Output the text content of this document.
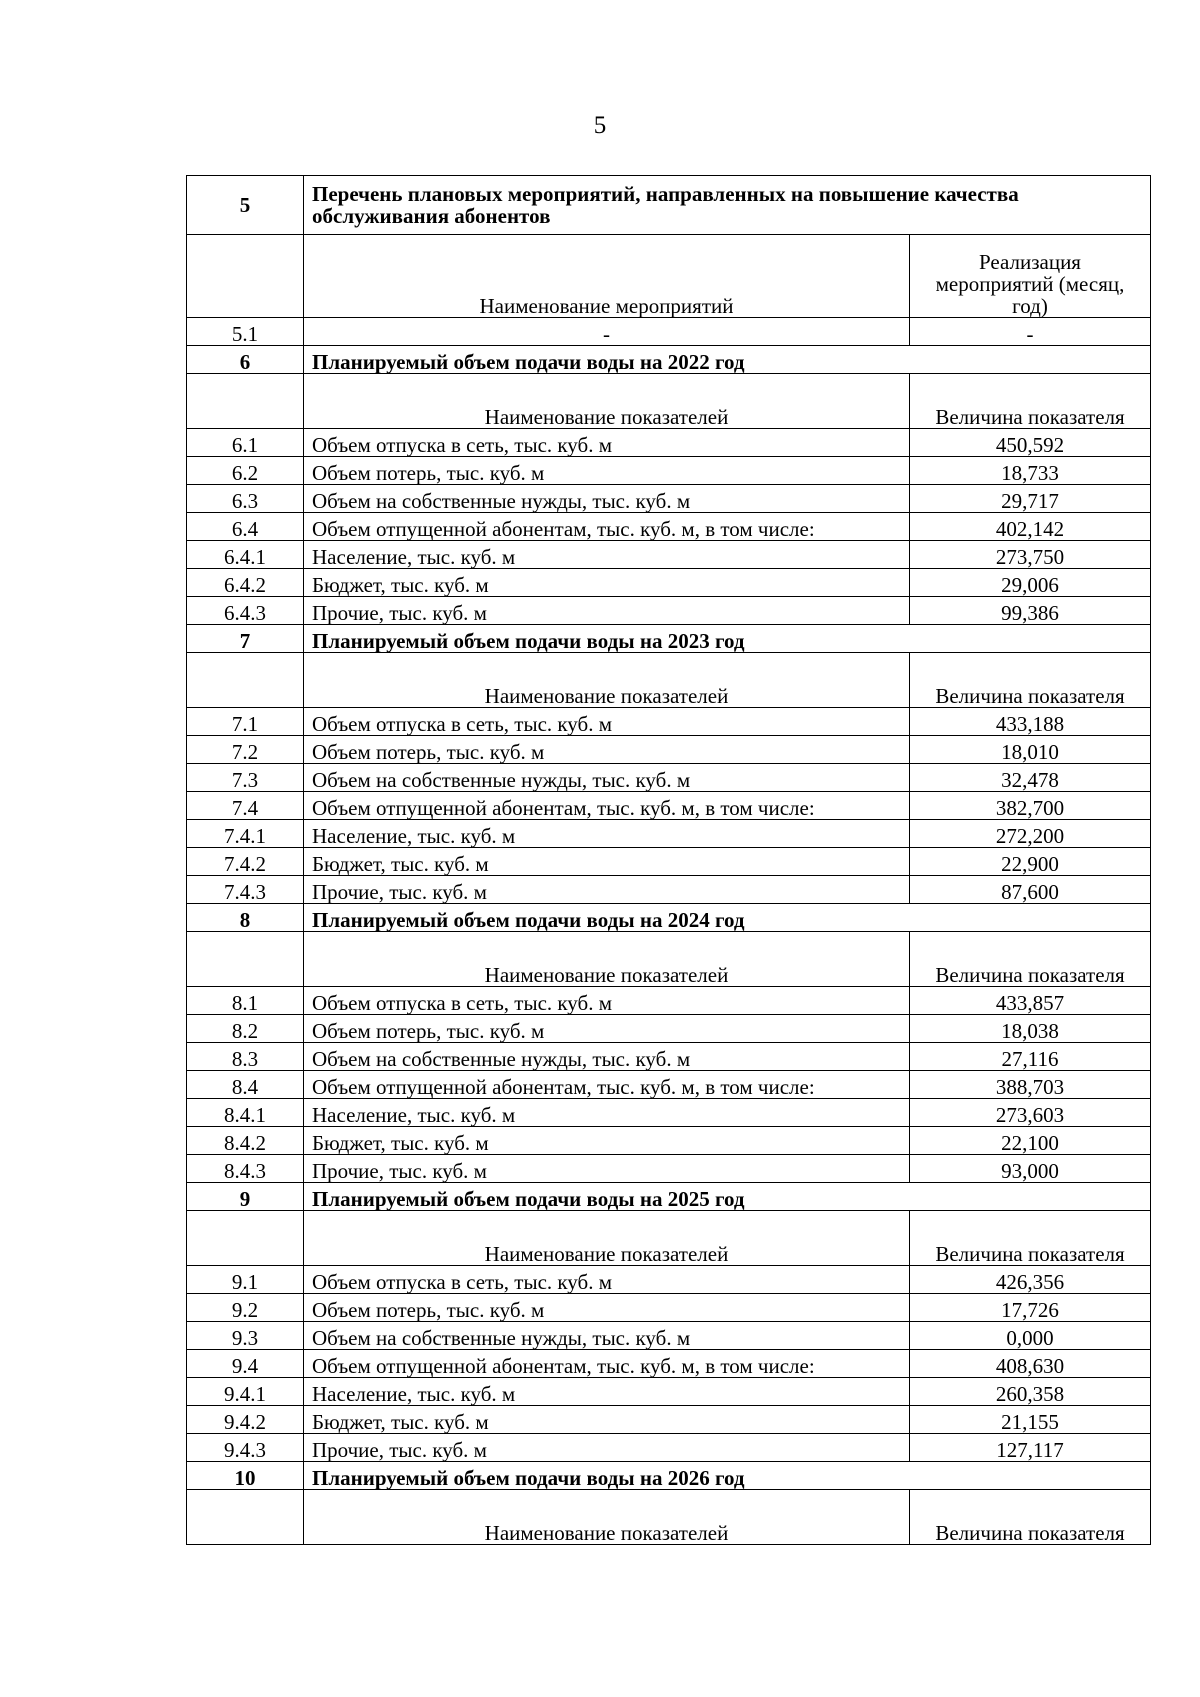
5
5	Перечень плановых мероприятий, направленных на повышение качества обслуживания абонентов	
	Наименование мероприятий	Реализация мероприятий (месяц, год)
5.1	-	-
6	Планируемый объем подачи воды на 2022 год	
	Наименование показателей	Величина показателя
6.1	Объем отпуска в сеть, тыс. куб. м	450,592
6.2	Объем потерь, тыс. куб. м	18,733
6.3	Объем на собственные нужды, тыс. куб. м	29,717
6.4	Объем отпущенной абонентам, тыс. куб. м, в том числе:	402,142
6.4.1	Население, тыс. куб. м	273,750
6.4.2	Бюджет, тыс. куб. м	29,006
6.4.3	Прочие, тыс. куб. м	99,386
7	Планируемый объем подачи воды на 2023 год	
	Наименование показателей	Величина показателя
7.1	Объем отпуска в сеть, тыс. куб. м	433,188
7.2	Объем потерь, тыс. куб. м	18,010
7.3	Объем на собственные нужды, тыс. куб. м	32,478
7.4	Объем отпущенной абонентам, тыс. куб. м, в том числе:	382,700
7.4.1	Население, тыс. куб. м	272,200
7.4.2	Бюджет, тыс. куб. м	22,900
7.4.3	Прочие, тыс. куб. м	87,600
8	Планируемый объем подачи воды на 2024 год	
	Наименование показателей	Величина показателя
8.1	Объем отпуска в сеть, тыс. куб. м	433,857
8.2	Объем потерь, тыс. куб. м	18,038
8.3	Объем на собственные нужды, тыс. куб. м	27,116
8.4	Объем отпущенной абонентам, тыс. куб. м, в том числе:	388,703
8.4.1	Население, тыс. куб. м	273,603
8.4.2	Бюджет, тыс. куб. м	22,100
8.4.3	Прочие, тыс. куб. м	93,000
9	Планируемый объем подачи воды на 2025 год	
	Наименование показателей	Величина показателя
9.1	Объем отпуска в сеть, тыс. куб. м	426,356
9.2	Объем потерь, тыс. куб. м	17,726
9.3	Объем на собственные нужды, тыс. куб. м	0,000
9.4	Объем отпущенной абонентам, тыс. куб. м, в том числе:	408,630
9.4.1	Население, тыс. куб. м	260,358
9.4.2	Бюджет, тыс. куб. м	21,155
9.4.3	Прочие, тыс. куб. м	127,117
10	Планируемый объем подачи воды на 2026 год	
	Наименование показателей	Величина показателя
